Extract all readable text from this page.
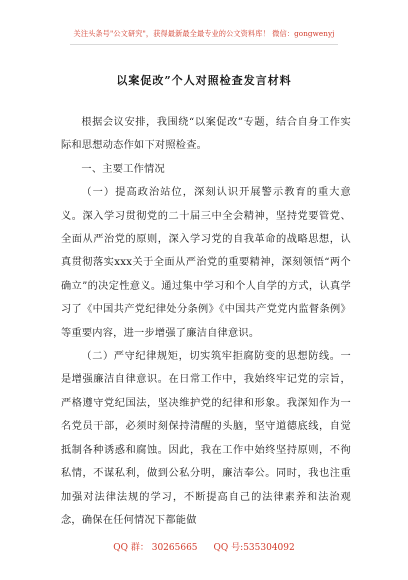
关注头条号"公文研究"，获得最新最全最专业的公文资料库！ 微信：gongwenyj
以案促改”个人对照检查发言材料

根据会议安排，我围绕“以案促改”专题，结合自身工作实际和思想动态作如下对照检查。

一、主要工作情况

（一）提高政治站位，深刻认识开展警示教育的重大意义。深入学习贯彻党的二十届三中全会精神，坚持党要管党、全面从严治党的原则，深入学习党的自我革命的战略思想，认真贯彻落实xxx关于全面从严治党的重要精神，深刻领悟“两个确立”的决定性意义。通过集中学习和个人自学的方式，认真学习了《中国共产党纪律处分条例》《中国共产党党内监督条例》等重要内容，进一步增强了廉洁自律意识。

（二）严守纪律规矩，切实筑牢拒腐防变的思想防线。一是增强廉洁自律意识。在日常工作中，我始终牢记党的宗旨，严格遵守党纪国法，坚决维护党的纪律和形象。我深知作为一名党员干部，必须时刻保持清醒的头脑，坚守道德底线，自觉抵制各种诱惑和腐蚀。因此，我在工作中始终坚持原则，不徇私情，不谋私利，做到公私分明，廉洁奉公。同时，我也注重加强对法律法规的学习，不断提高自己的法律素养和法治观念，确保在任何情况下都能做

QQ 群： 30265665 QQ 号:535304092
